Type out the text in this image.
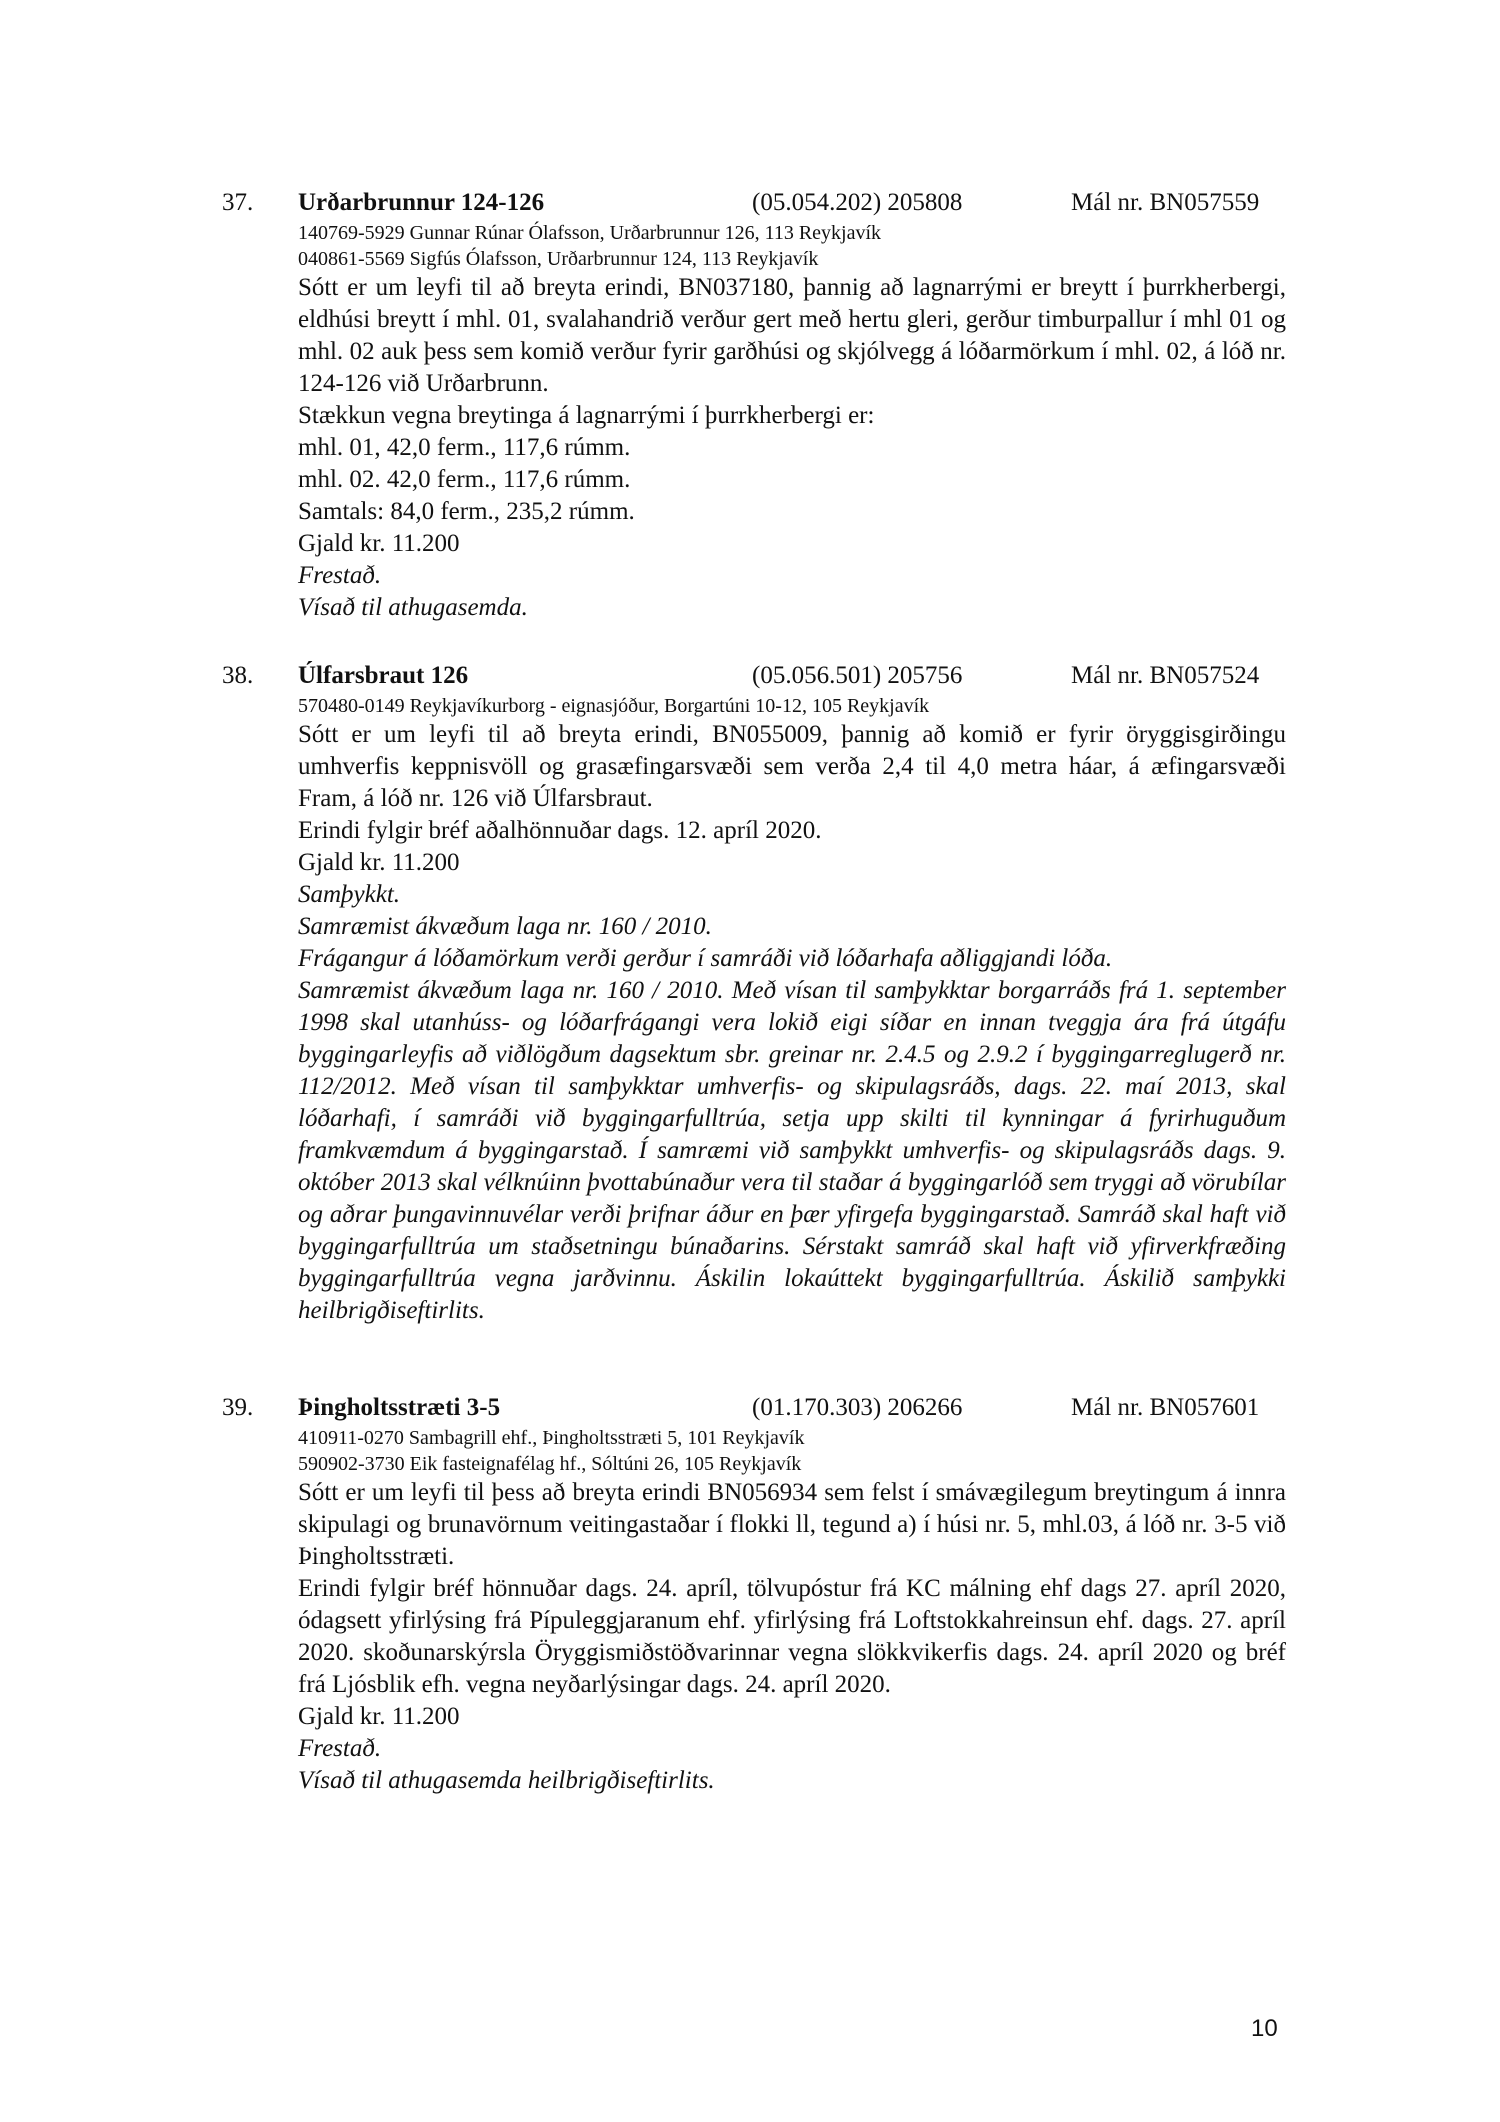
37. Urðarbrunnur 124-126	(05.054.202) 205808	Mál nr. BN057559
140769-5929 Gunnar Rúnar Ólafsson, Urðarbrunnur 126, 113 Reykjavík
040861-5569 Sigfús Ólafsson, Urðarbrunnur 124, 113 Reykjavík
Sótt er um leyfi til að breyta erindi, BN037180, þannig að lagnarrými er breytt í þurrkherbergi, eldhúsi breytt í mhl. 01, svalahandrið verður gert með hertu gleri, gerður timburpallur í mhl 01 og mhl. 02 auk þess sem komið verður fyrir garðhúsi og skjólvegg á lóðarmörkum í mhl. 02, á lóð nr. 124-126 við Urðarbrunn.
Stækkun vegna breytinga á lagnarrými í þurrkherbergi er:
mhl. 01, 42,0 ferm., 117,6 rúmm.
mhl. 02. 42,0 ferm., 117,6 rúmm.
Samtals: 84,0 ferm., 235,2 rúmm.
Gjald kr. 11.200
Frestað.
Vísað til athugasemda.
38. Úlfarsbraut 126	(05.056.501) 205756	Mál nr. BN057524
570480-0149 Reykjavíkurborg - eignasjóður, Borgartúni 10-12, 105 Reykjavík
Sótt er um leyfi til að breyta erindi, BN055009, þannig að komið er fyrir öryggisgirðingu umhverfis keppnisvöll og grasæfingarsvæði sem verða 2,4 til 4,0 metra háar, á æfingarsvæði Fram, á lóð nr. 126 við Úlfarsbraut.
Erindi fylgir bréf aðalhönnuðar dags. 12. apríl 2020.
Gjald kr. 11.200
Samþykkt.
Samræmist ákvæðum laga nr. 160 / 2010.
Frágangur á lóðamörkum verði gerður í samráði við lóðarhafa aðliggjandi lóða.
Samræmist ákvæðum laga nr. 160 / 2010. Með vísan til samþykktar borgarráðs frá 1. september 1998 skal utanhúss- og lóðarfrágangi vera lokið eigi síðar en innan tveggja ára frá útgáfu byggingarleyfis að viðlögðum dagsektum sbr. greinar nr. 2.4.5 og 2.9.2 í byggingarreglugerð nr. 112/2012. Með vísan til samþykktar umhverfis- og skipulagsráðs, dags. 22. maí 2013, skal lóðarhafi, í samráði við byggingarfulltrúa, setja upp skilti til kynningar á fyrirhuguðum framkvæmdum á byggingarstað. Í samræmi við samþykkt umhverfis- og skipulagsráðs dags. 9. október 2013 skal vélknúinn þvottabúnaður vera til staðar á byggingarlóð sem tryggi að vörubílar og aðrar þungavinnuvélar verði þrifnar áður en þær yfirgefa byggingarstað. Samráð skal haft við byggingarfulltrúa um staðsetningu búnaðarins. Sérstakt samráð skal haft við yfirverkfræðing byggingarfulltrúa vegna jarðvinnu. Áskilin lokaúttekt byggingarfulltrúa. Áskilið samþykki heilbrigðiseftirlits.
39. Þingholtsstræti 3-5	(01.170.303) 206266	Mál nr. BN057601
410911-0270 Sambagrill ehf., Þingholtsstræti 5, 101 Reykjavík
590902-3730 Eik fasteignafélag hf., Sóltúni 26, 105 Reykjavík
Sótt er um leyfi til þess að breyta erindi BN056934 sem felst í smávægilegum breytingum á innra skipulagi og brunavörnum veitingastaðar í flokki ll, tegund a) í húsi nr. 5, mhl.03, á lóð nr. 3-5 við Þingholtsstræti.
Erindi fylgir bréf hönnuðar dags. 24. apríl, tölvupóstur frá KC málning ehf dags 27. apríl 2020, ódagsett yfirlýsing frá Pípuleggjaranum ehf. yfirlýsing frá Loftstokkahreinsun ehf. dags. 27. apríl 2020. skoðunarskýrsla Öryggismiðstöðvarinnar vegna slökkvikerfis dags. 24. apríl 2020 og bréf frá Ljósblik efh. vegna neyðarlýsingar dags. 24. apríl 2020.
Gjald kr. 11.200
Frestað.
Vísað til athugasemda heilbrigðiseftirlits.
10
